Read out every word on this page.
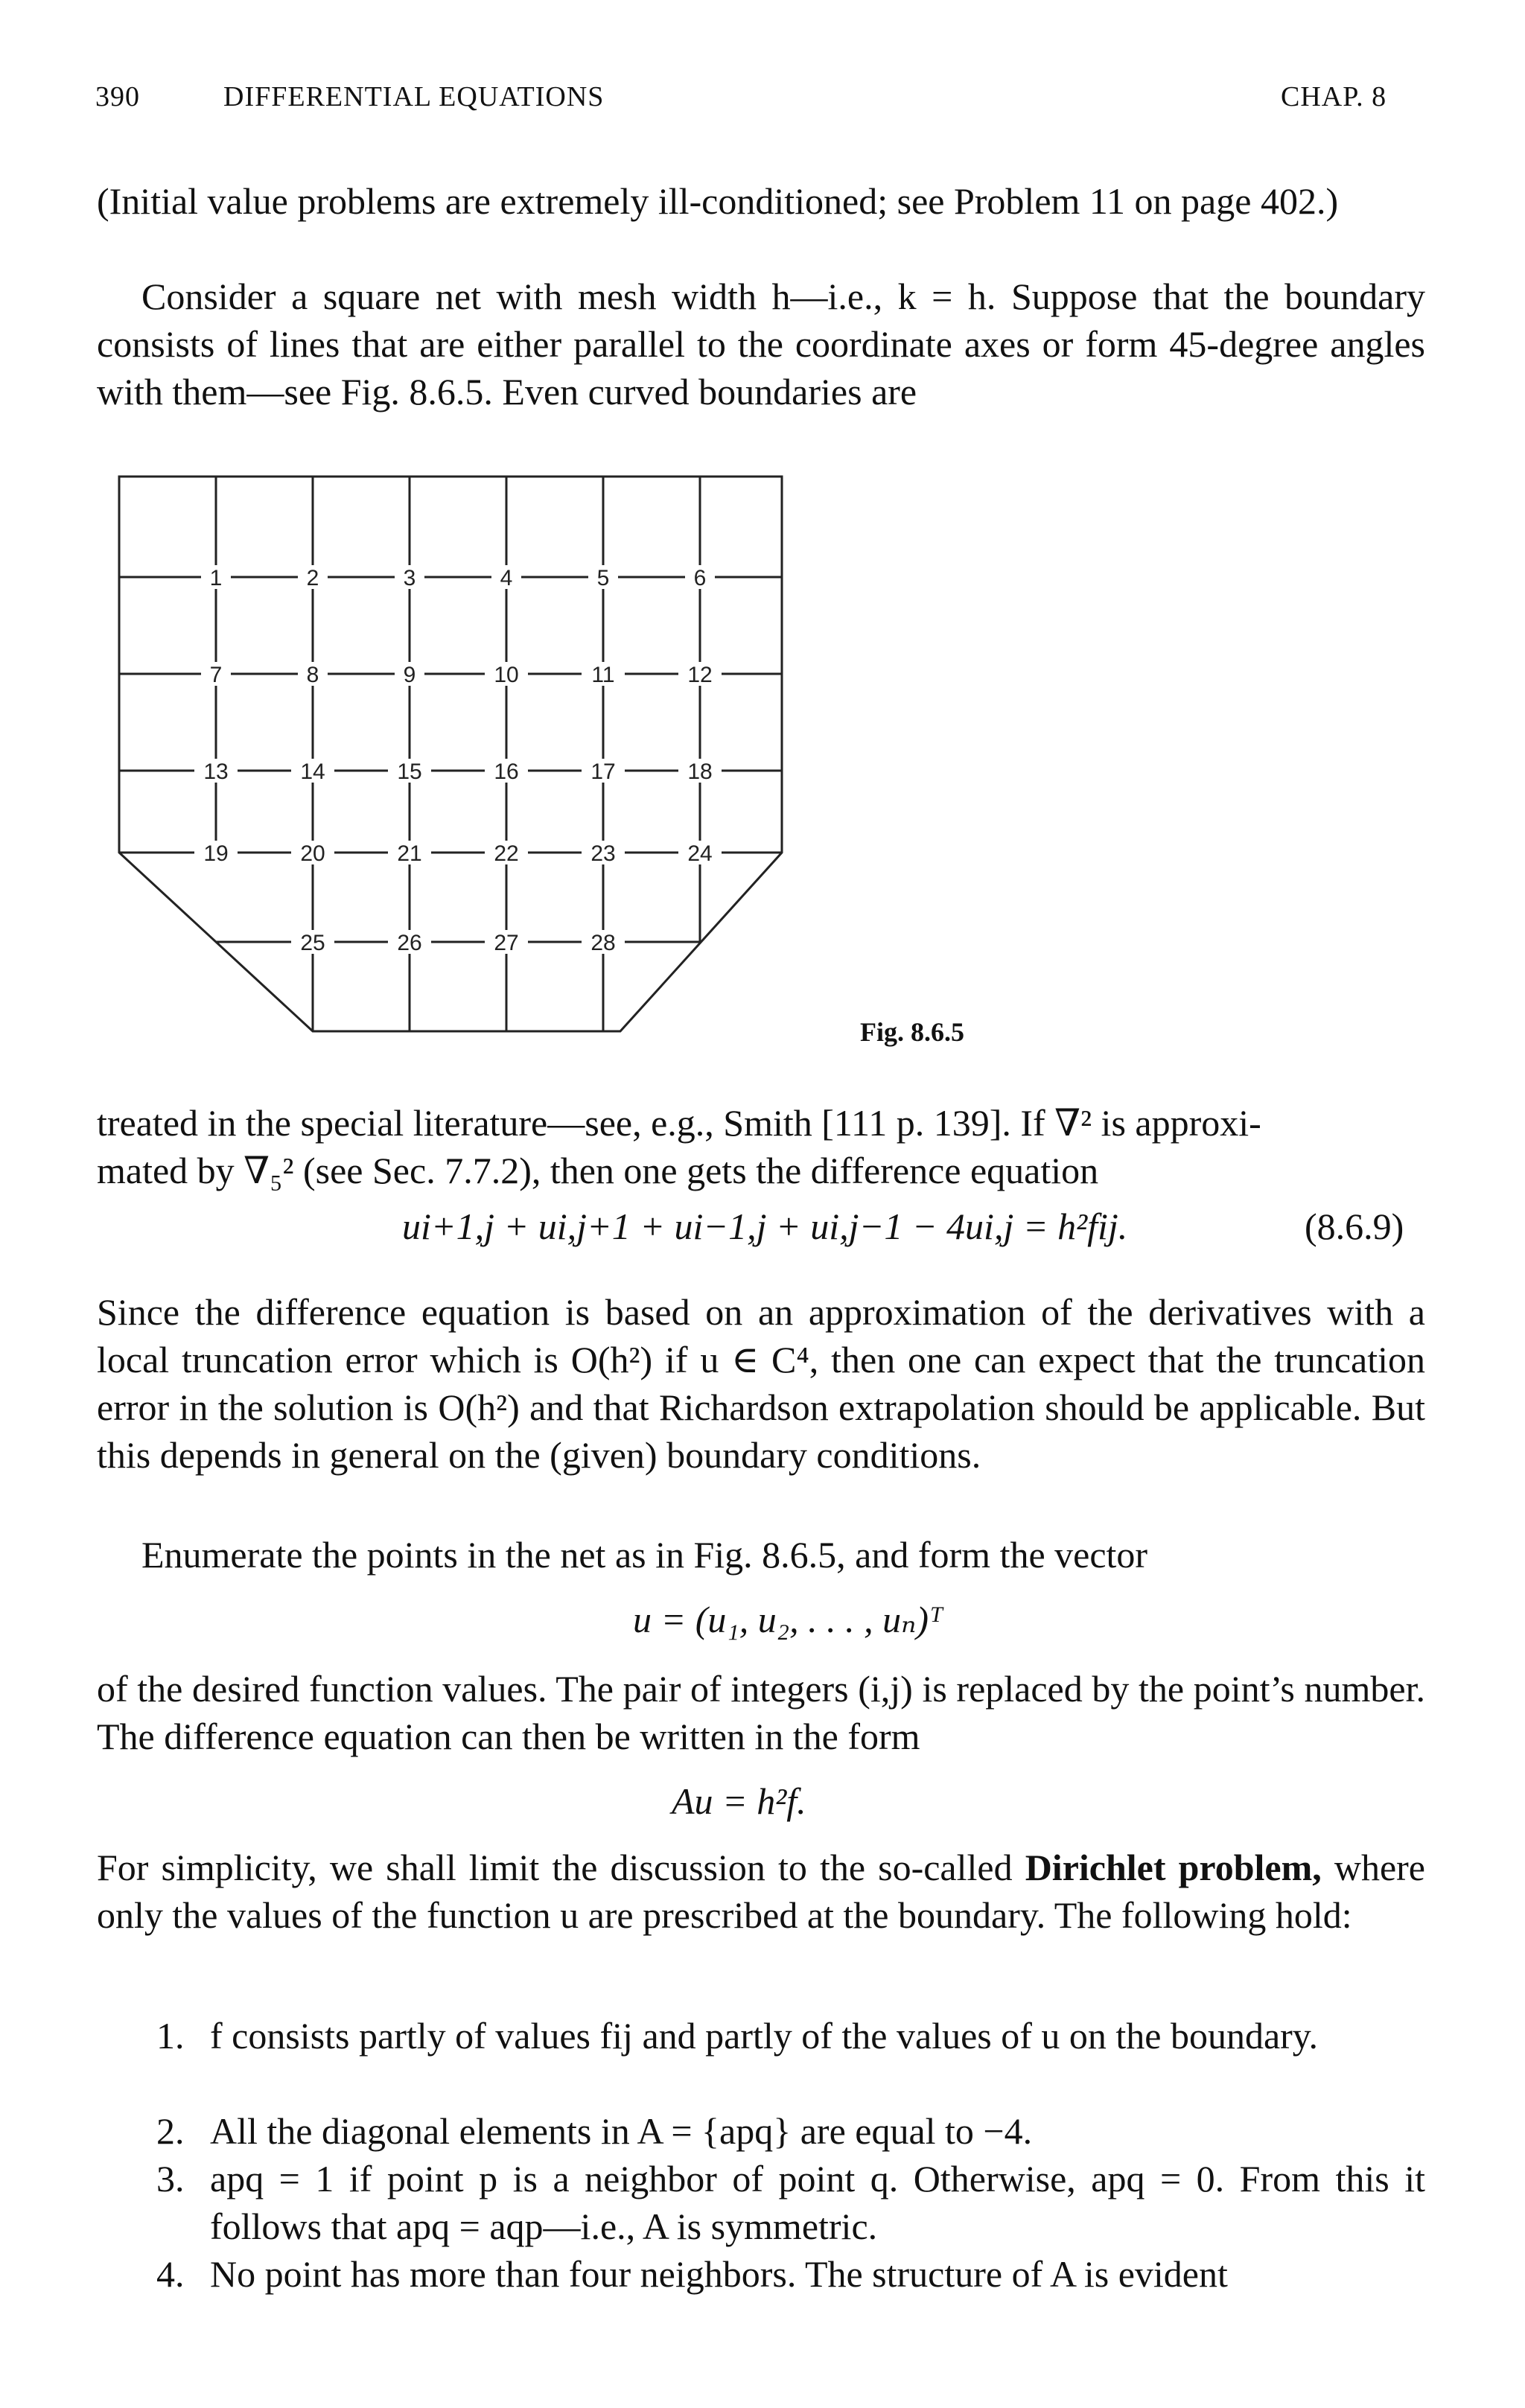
390	DIFFERENTIAL EQUATIONS	CHAP. 8
(Initial value problems are extremely ill-conditioned; see Problem 11 on page 402.)
Consider a square net with mesh width h—i.e., k = h. Suppose that the boundary consists of lines that are either parallel to the coordinate axes or form 45-degree angles with them—see Fig. 8.6.5. Even curved boundaries are
1	2	3	4	5	6
7	8	9	10	11	12
13	14	15	16	17	18
19	20	21	22	23	24
25	26	27	28
Fig. 8.6.5
treated in the special literature—see, e.g., Smith [111 p. 139]. If ∇² is approxi-
mated by ∇₅² (see Sec. 7.7.2), then one gets the difference equation
ui+1,j + ui,j+1 + ui−1,j + ui,j−1 − 4ui,j = h²fij.	(8.6.9)
Since the difference equation is based on an approximation of the derivatives with a local truncation error which is O(h²) if u ∈ C⁴, then one can expect that the truncation error in the solution is O(h²) and that Richardson extrapolation should be applicable. But this depends in general on the (given) boundary conditions.
Enumerate the points in the net as in Fig. 8.6.5, and form the vector
u = (u₁, u₂, . . . , uₙ)ᵀ
of the desired function values. The pair of integers (i,j) is replaced by the point’s number. The difference equation can then be written in the form
Au = h²f.
For simplicity, we shall limit the discussion to the so-called Dirichlet problem, where only the values of the function u are prescribed at the boundary. The following hold:
1. f consists partly of values fij and partly of the values of u on the boundary.
2. All the diagonal elements in A = {apq} are equal to −4.
3. apq = 1 if point p is a neighbor of point q. Otherwise, apq = 0. From this it follows that apq = aqp—i.e., A is symmetric.
4. No point has more than four neighbors. The structure of A is evident
